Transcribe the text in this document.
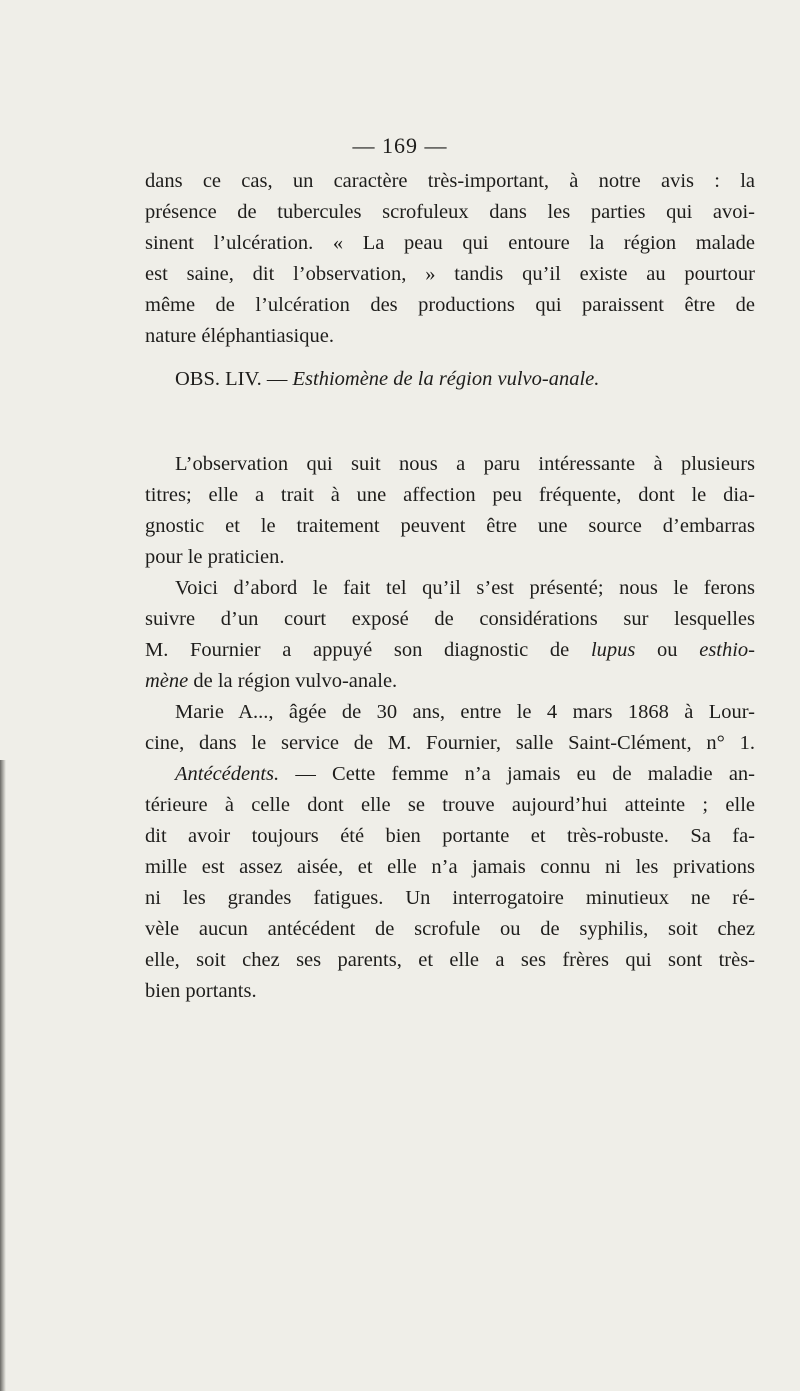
— 169 —
dans ce cas, un caractère très-important, à notre avis : la
présence de tubercules scrofuleux dans les parties qui avoi-
sinent l’ulcération. « La peau qui entoure la région malade
est saine, dit l’observation, » tandis qu’il existe au pourtour
même de l’ulcération des productions qui paraissent être de
nature éléphantiasique.
OBS. LIV. — Esthiomène de la région vulvo-anale.
L’observation qui suit nous a paru intéressante à plusieurs
titres; elle a trait à une affection peu fréquente, dont le dia-
gnostic et le traitement peuvent être une source d’embarras
pour le praticien.
Voici d’abord le fait tel qu’il s’est présenté; nous le ferons
suivre d’un court exposé de considérations sur lesquelles
M. Fournier a appuyé son diagnostic de lupus ou esthio-
mène de la région vulvo-anale.
Marie A..., âgée de 30 ans, entre le 4 mars 1868 à Lour-
cine, dans le service de M. Fournier, salle Saint-Clément, n° 1.
Antécédents. — Cette femme n’a jamais eu de maladie an-
térieure à celle dont elle se trouve aujourd’hui atteinte ; elle
dit avoir toujours été bien portante et très-robuste. Sa fa-
mille est assez aisée, et elle n’a jamais connu ni les privations
ni les grandes fatigues. Un interrogatoire minutieux ne ré-
vèle aucun antécédent de scrofule ou de syphilis, soit chez
elle, soit chez ses parents, et elle a ses frères qui sont très-
bien portants.
